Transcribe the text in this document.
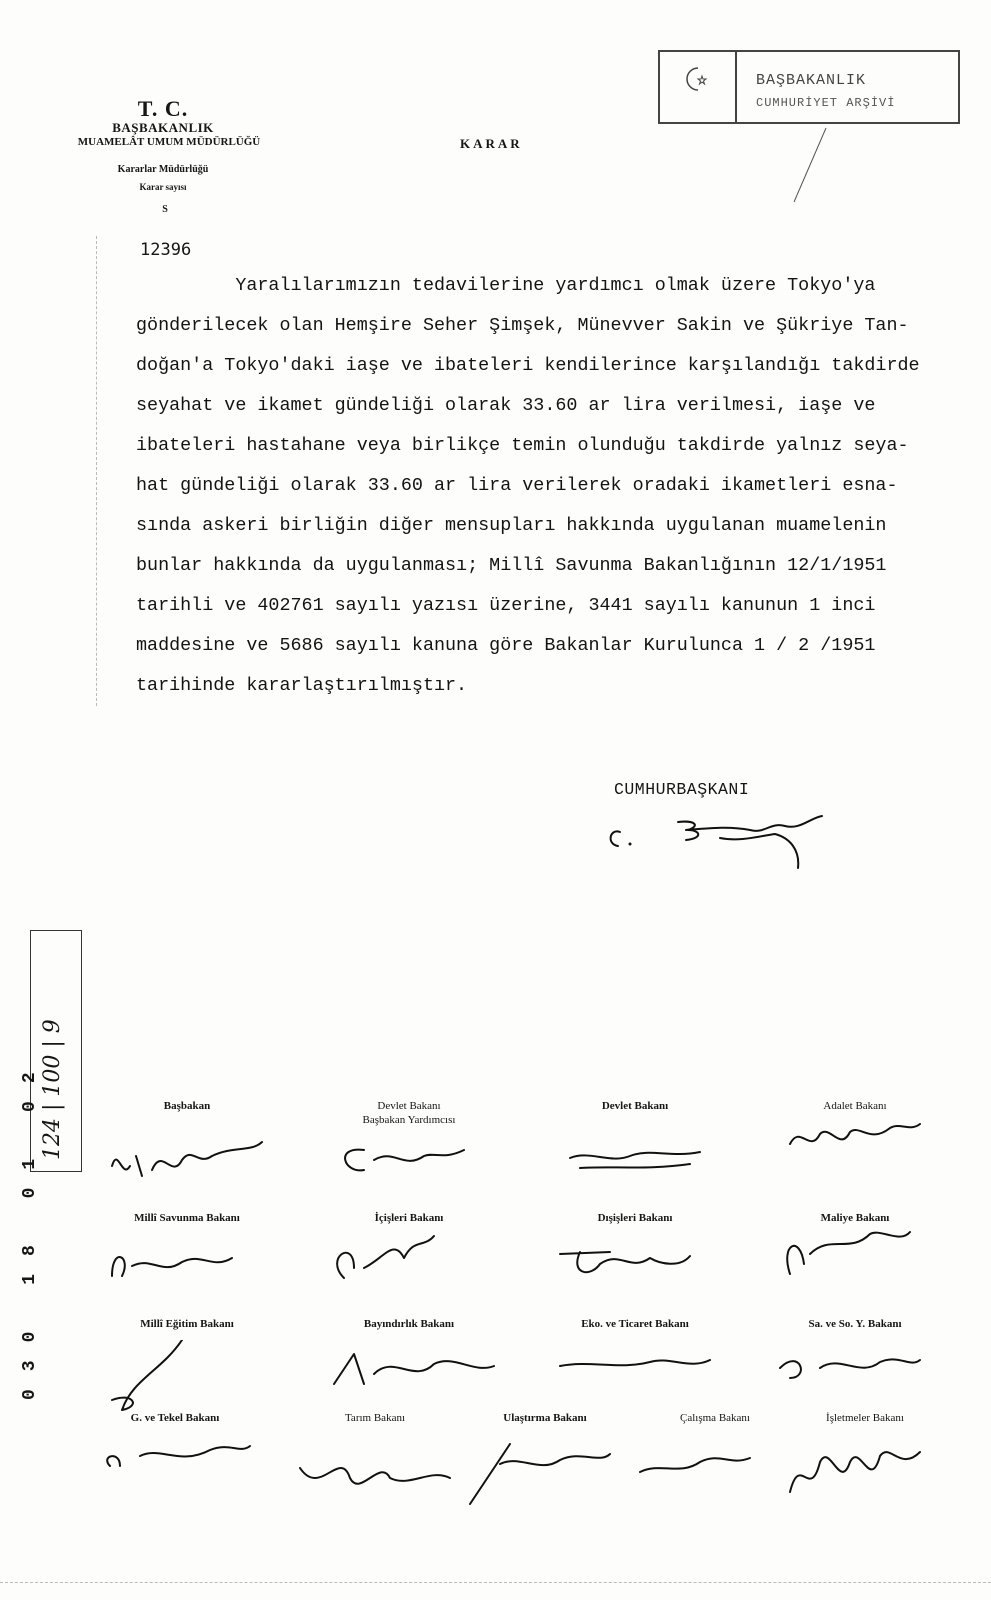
T. C.
BAŞBAKANLIK
MUAMELÂT UMUM MÜDÜRLÜĞÜ
Kararlar Müdürlüğü
Karar sayısı
S
KARAR
12396
BAŞBAKANLIK
CUMHURİYET ARŞİVİ
Yaralılarımızın tedavilerine yardımcı olmak üzere Tokyo'ya
gönderilecek olan Hemşire Seher Şimşek, Münevver Sakin ve Şükriye Tan-
doğan'a Tokyo'daki iaşe ve ibateleri kendilerince karşılandığı takdirde
seyahat ve ikamet gündeliği olarak 33.60 ar lira verilmesi, iaşe ve
ibateleri hastahane veya birlikçe temin olunduğu takdirde yalnız seya-
hat gündeliği olarak 33.60 ar lira verilerek oradaki ikametleri esna-
sında askeri birliğin diğer mensupları hakkında uygulanan muamelenin
bunlar hakkında da uygulanması; Millî Savunma Bakanlığının 12/1/1951
tarihli ve 402761 sayılı yazısı üzerine, 3441 sayılı kanunun 1 inci
maddesine ve 5686 sayılı kanuna göre Bakanlar Kurulunca 1 / 2 /1951
tarihinde kararlaştırılmıştır.
CUMHURBAŞKANI
124 | 100 | 9
030 18 01 02	Başbakan	Devlet Bakanı
Başbakan Yardımcısı
Devlet Bakanı	Adalet Bakanı
Millî Savunma Bakanı	İçişleri Bakanı	Dışişleri Bakanı	Maliye Bakanı
Millî Eğitim Bakanı	Bayındırlık Bakanı	Eko. ve Ticaret Bakanı	Sa. ve So. Y. Bakanı
G. ve Tekel Bakanı	Tarım Bakanı	Ulaştırma Bakanı	Çalışma Bakanı	İşletmeler Bakanı
